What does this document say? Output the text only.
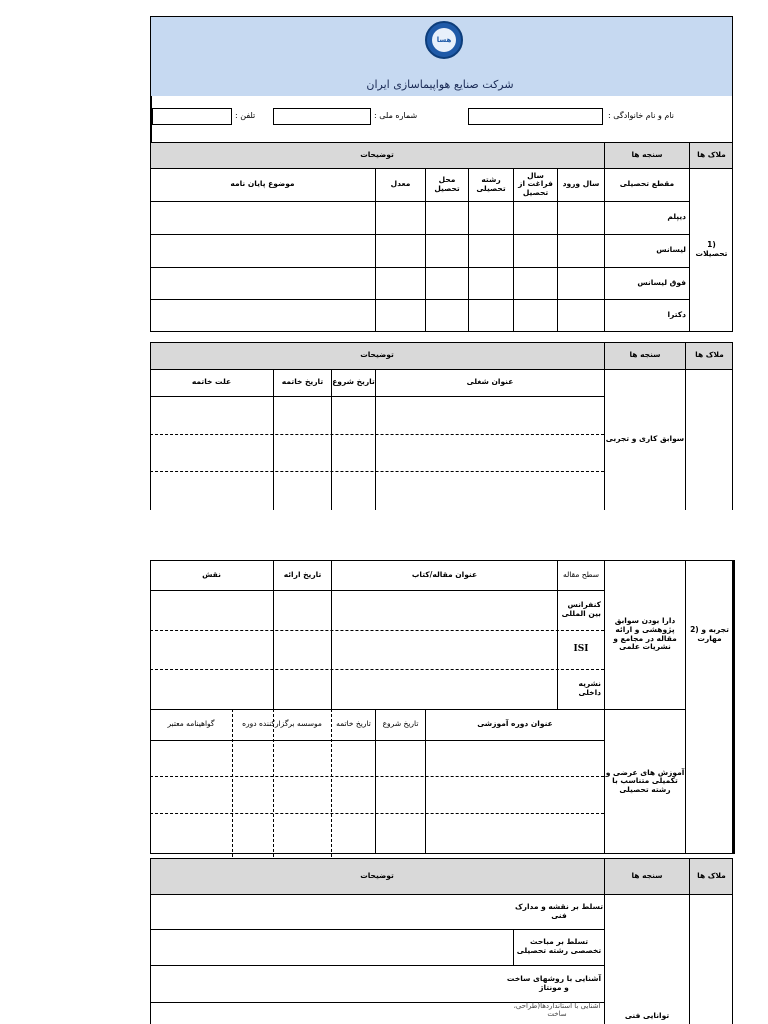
هسا
شرکت صنایع هواپیماسازی ایران
: نام و نام خانوادگی
: شماره ملی
: تلفن
ملاک ها
سنجه ها
توضیحات
1) تحصیلات
مقطع تحصیلی
سال ورود
سال فراغت از تحصیل
رشته تحصیلی
محل تحصیل
معدل
موضوع پایان نامه
دیپلم
لیسانس
فوق لیسانس
دکترا
ملاک ها
سنجه ها
توضیحات
سوابق کاری و تجربی
عنوان شغلی
تاریخ شروع
تاریخ خاتمه
علت خاتمه
2) تجربه و مهارت
دارا بودن سوابق پژوهشی و ارائه مقاله در مجامع و نشریات علمی
سطح مقاله
عنوان مقاله/کتاب
تاریخ ارائه
نقش
کنفرانس بین المللی
ISI
نشریه داخلی
آموزش های عرضی و تکمیلی متناسب با رشته تحصیلی
عنوان دوره آموزشی
تاریخ شروع
تاریخ خاتمه
موسسه برگزارکننده دوره
گواهینامه معتبر
ملاک ها
سنجه ها
توضیحات
تسلط بر نقشه و مدارک فنی
تسلط بر مباحث تخصصی رشته تحصیلی
آشنایی با روشهای ساخت و مونتاژ
آشنایی با استانداردها(طراحی، ساخت	توانایی فنی
